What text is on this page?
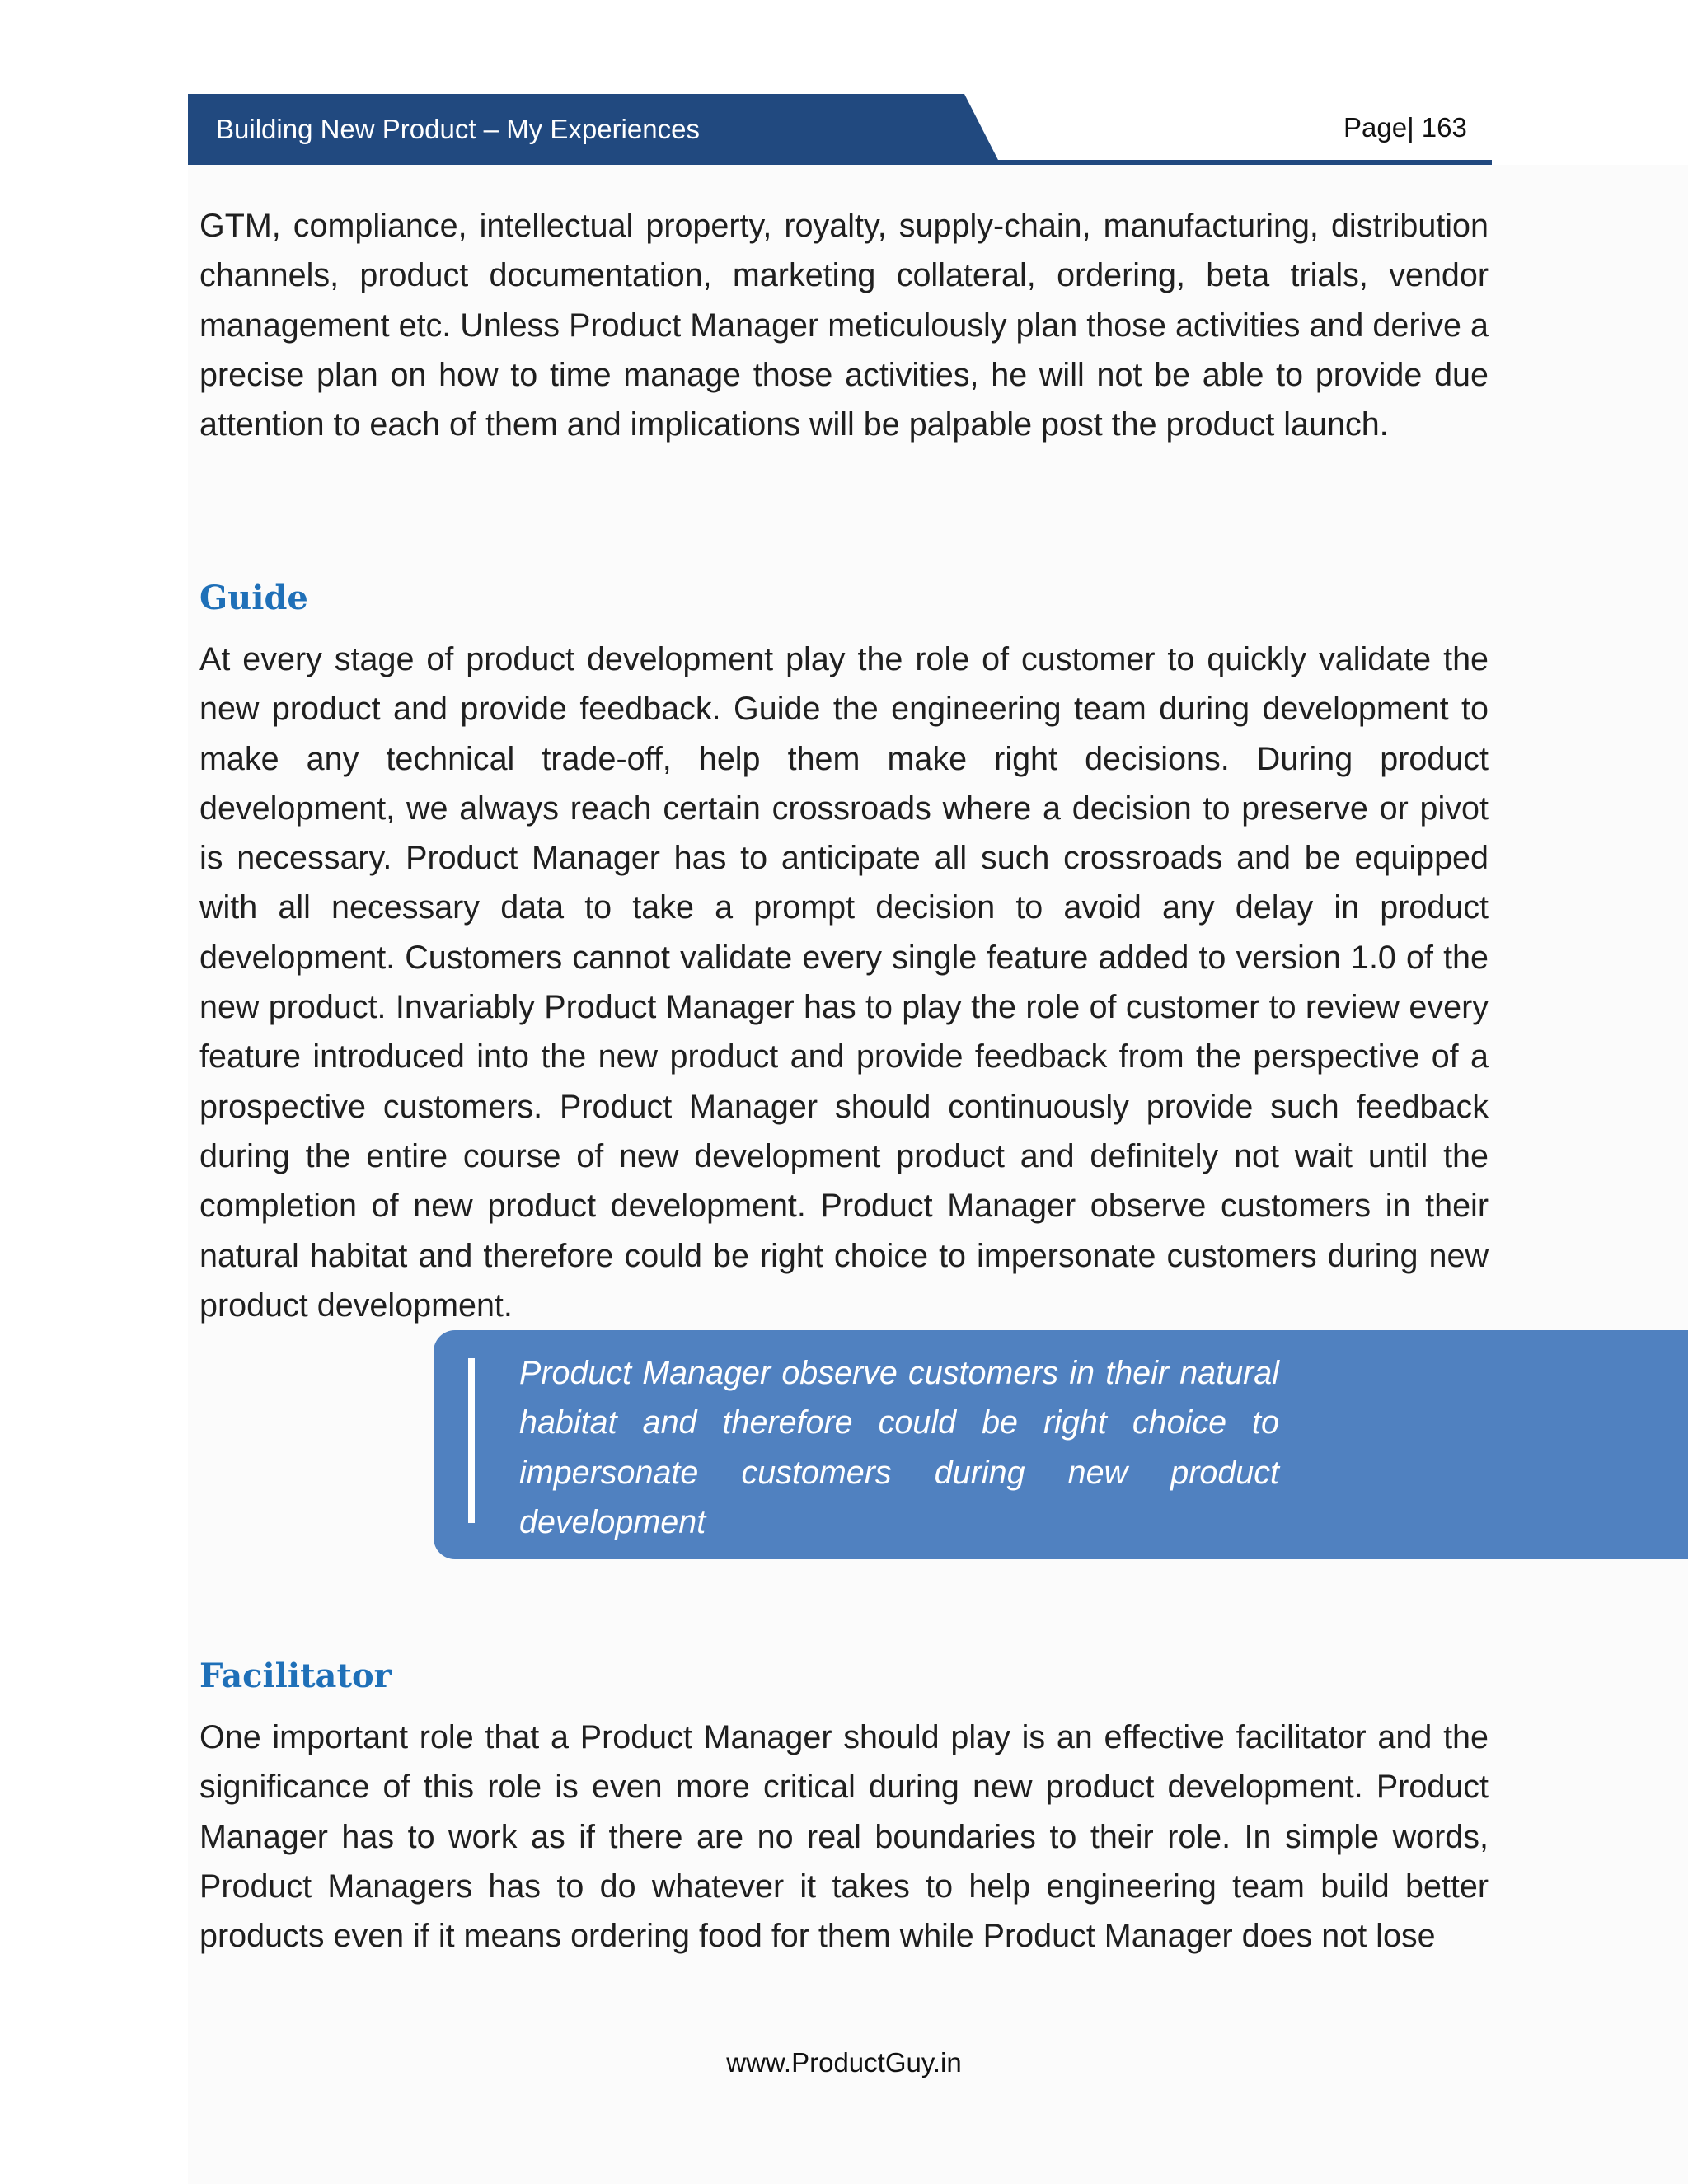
Building New Product – My Experiences	Page| 163

GTM, compliance, intellectual property, royalty, supply-chain, manufacturing, distribution channels, product documentation, marketing collateral, ordering, beta trials, vendor management etc. Unless Product Manager meticulously plan those activities and derive a precise plan on how to time manage those activities, he will not be able to provide due attention to each of them and implications will be palpable post the product launch.

Guide

At every stage of product development play the role of customer to quickly validate the new product and provide feedback. Guide the engineering team during development to make any technical trade-off, help them make right decisions. During product development, we always reach certain crossroads where a decision to preserve or pivot is necessary. Product Manager has to anticipate all such crossroads and be equipped with all necessary data to take a prompt decision to avoid any delay in product development. Customers cannot validate every single feature added to version 1.0 of the new product. Invariably Product Manager has to play the role of customer to review every feature introduced into the new product and provide feedback from the perspective of a prospective customers. Product Manager should continuously provide such feedback during the entire course of new development product and definitely not wait until the completion of new product development. Product Manager observe customers in their natural habitat and therefore could be right choice to impersonate customers during new product development.

Product Manager observe customers in their natural habitat and therefore could be right choice to impersonate customers during new product development

Facilitator

One important role that a Product Manager should play is an effective facilitator and the significance of this role is even more critical during new product development. Product Manager has to work as if there are no real boundaries to their role. In simple words, Product Managers has to do whatever it takes to help engineering team build better products even if it means ordering food for them while Product Manager does not lose

www.ProductGuy.in
